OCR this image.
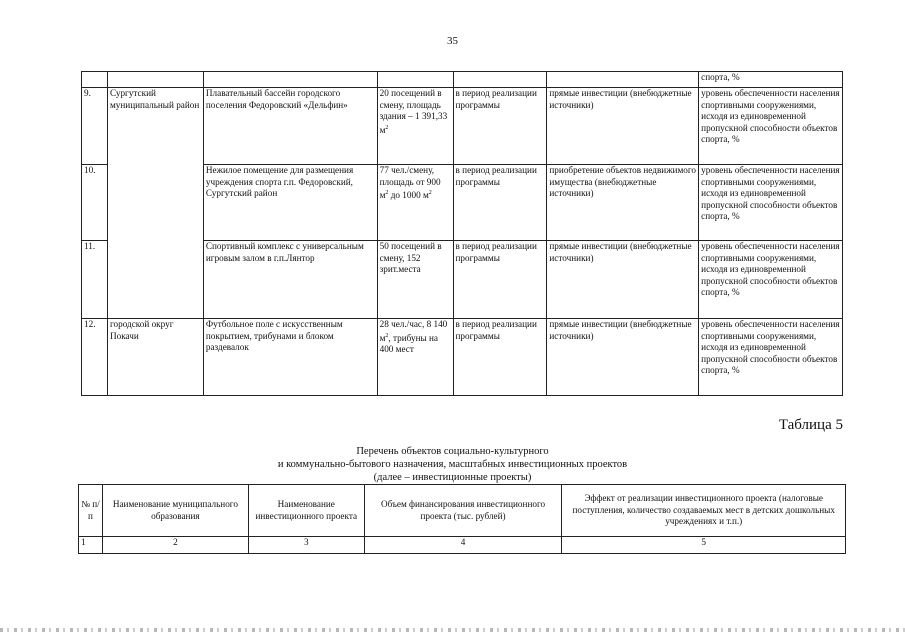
35
						спорта, %
9.	Сургутский муниципальный район	Плавательный бассейн городского поселения Федоровский «Дельфин»	20 посещений в смену, площадь здания – 1 391,33 $м^2$	в период реализации программы	прямые инвестиции (внебюджетные источники)	уровень обеспеченности населения спортивными сооружениями, исходя из единовременной пропускной способности объектов спорта, %
10.		Нежилое помещение для размещения учреждения спорта г.п. Федоровский, Сургутский район	77 чел./смену, площадь от 900 $м^2$ до 1000 $м^2$	в период реализации программы	приобретение объектов недвижимого имущества (внебюджетные источники)	уровень обеспеченности населения спортивными сооружениями, исходя из единовременной пропускной способности объектов спорта, %
11.		Спортивный комплекс с универсальным игровым залом в г.п.Лянтор	50 посещений в смену, 152 зрит.места	в период реализации программы	прямые инвестиции (внебюджетные источники)	уровень обеспеченности населения спортивными сооружениями, исходя из единовременной пропускной способности объектов спорта, %
12.	городской округ Покачи	Футбольное поле с искусственным покрытием, трибунами и блоком раздевалок	28 чел./час, 8 140 $м^2$, трибуны на 400 мест	в период реализации программы	прямые инвестиции (внебюджетные источники)	уровень обеспеченности населения спортивными сооружениями, исходя из единовременной пропускной способности объектов спорта, %
Таблица 5
Перечень объектов социально-культурного
и коммунально-бытового назначения, масштабных инвестиционных проектов
(далее – инвестиционные проекты)
№ п/п	Наименование муниципального образования	Наименование инвестиционного проекта	Объем финансирования инвестиционного проекта (тыс. рублей)	Эффект от реализации инвестиционного проекта (налоговые поступления, количество создаваемых мест в детских дошкольных учреждениях и т.п.)
1	2	3	4	5
